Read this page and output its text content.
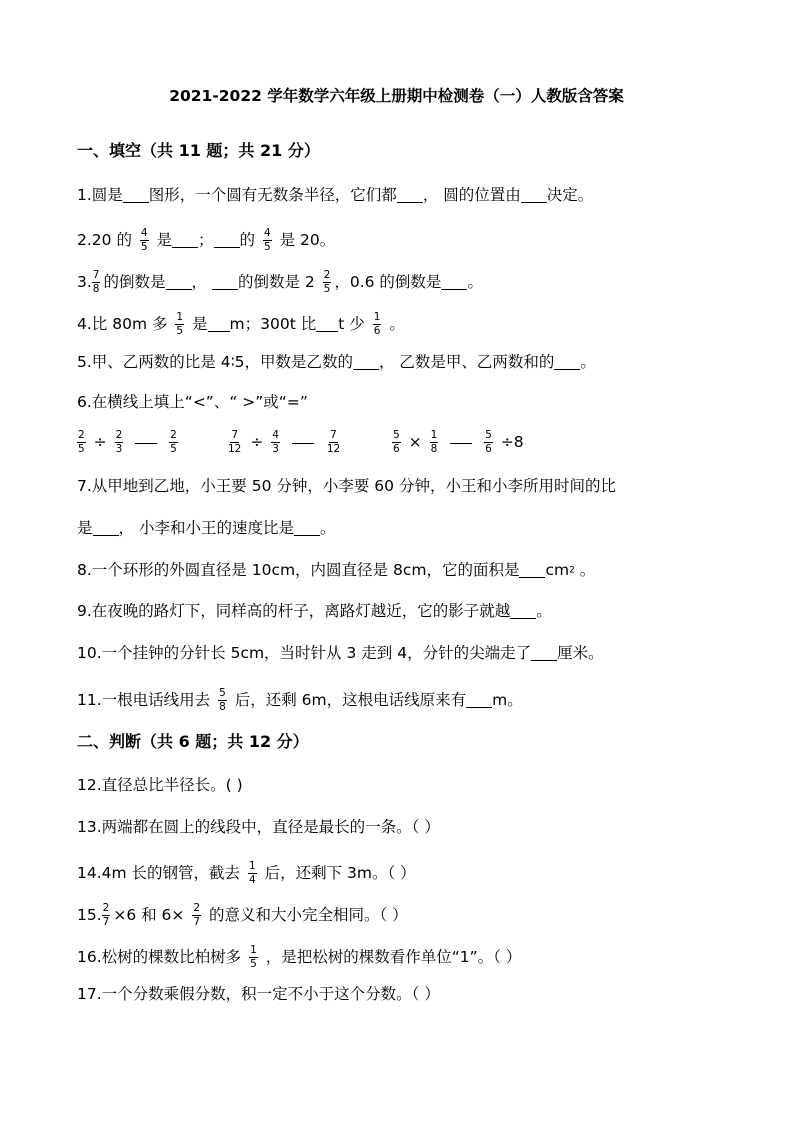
2021-2022 学年数学六年级上册期中检测卷（一）人教版含答案
一、填空（共 11 题；共 21 分）
1.圆是 图形，一个圆有无数条半径，它们都 ， 圆的位置由 决定。
2.20 的 $\frac{4}{5}$ 是 ； 的 $\frac{4}{5}$ 是 20。
3. $\frac{7}{8}$ 的倒数是 ， 的倒数是 $2 \frac{2}{5}$ ，0.6 的倒数是 。
4.比 80m 多 $\frac{1}{5}$ 是 m；300t 比 t 少 $\frac{1}{6}$ 。
5.甲、乙两数的比是 4∶5，甲数是乙数的 ， 乙数是甲、乙两数和的 。
6.在横线上填上“<”、“ >”或“=”
$\frac{2}{5} \div \frac{2}{3}$
	$\frac{2}{5}$	$\frac{7}{12} \div \frac{4}{3}$
	$\frac{7}{12}$	$\frac{5}{6} \times \frac{1}{8}$
	$\frac{5}{6} \div 8$
7.从甲地到乙地，小王要 50 分钟，小李要 60 分钟，小王和小李所用时间的比
是 ， 小李和小王的速度比是 。
8.一个环形的外圆直径是 10cm，内圆直径是 8cm，它的面积是 cm2 。
9.在夜晚的路灯下，同样高的杆子，离路灯越近，它的影子就越 。
10.一个挂钟的分针长 5cm，当时针从 3 走到 4，分针的尖端走了 厘米。
11.一根电话线用去 $\frac{5}{8}$ 后，还剩 6m，这根电话线原来有 m。
二、判断（共 6 题；共 12 分）
12.直径总比半径长。( )
13.两端都在圆上的线段中，直径是最长的一条。（ ）
14.4m 长的钢管，截去 $\frac{1}{4}$ 后，还剩下 3m。（ ）
15. $\frac{2}{7} \times 6$ 和 $6\times \frac{2}{7}$ 的意义和大小完全相同。（ ）
16.松树的棵数比柏树多 $\frac{1}{5}$ ，是把松树的棵数看作单位“1”。（ ）
17.一个分数乘假分数，积一定不小于这个分数。（ ）
